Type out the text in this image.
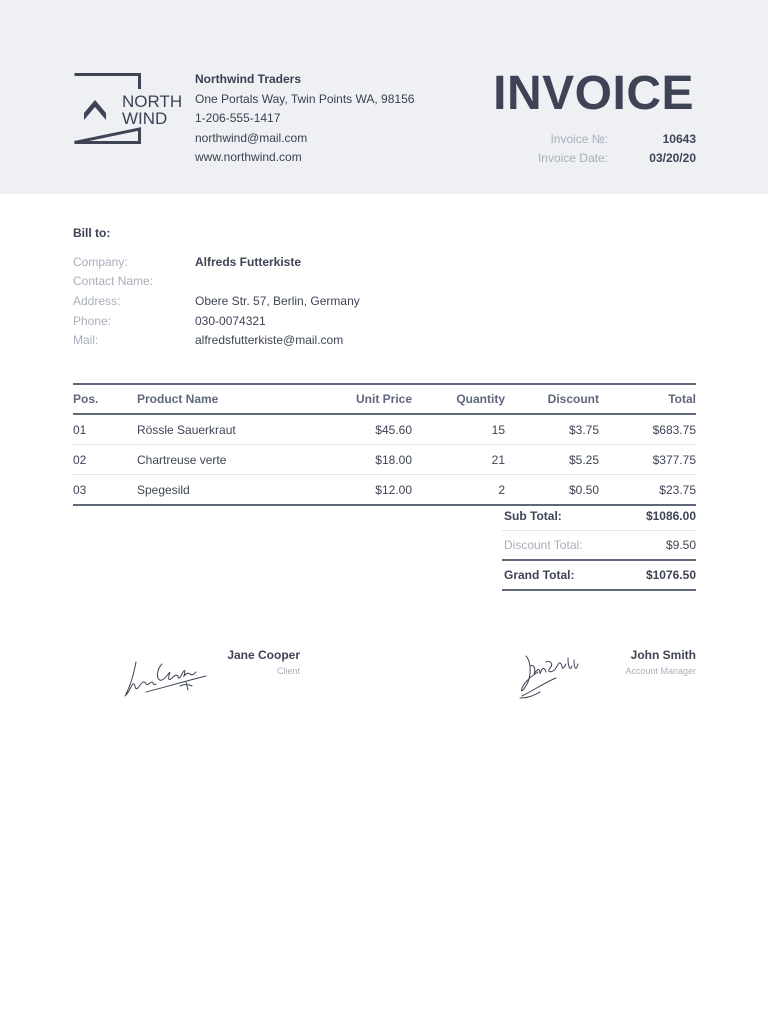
NORTH
WIND
Northwind Traders
One Portals Way, Twin Points WA, 98156
1-206-555-1417
northwind@mail.com
www.northwind.com
INVOICE
Invoice №:	10643
Invoice Date:	03/20/20
Bill to:
Company:	Alfreds Futterkiste
Contact Name:
Address:	Obere Str. 57, Berlin, Germany
Phone:	030-0074321
Mail:	alfredsfutterkiste@mail.com
Pos.	Product Name	Unit Price	Quantity	Discount	Total
01	Rössle Sauerkraut	$45.60	15	$3.75	$683.75
02	Chartreuse verte	$18.00	21	$5.25	$377.75
03	Spegesild	$12.00	2	$0.50	$23.75
Sub Total:	$1086.00
Discount Total:	$9.50
Grand Total:	$1076.50
Jane Cooper
Client
John Smith
Account Manager
